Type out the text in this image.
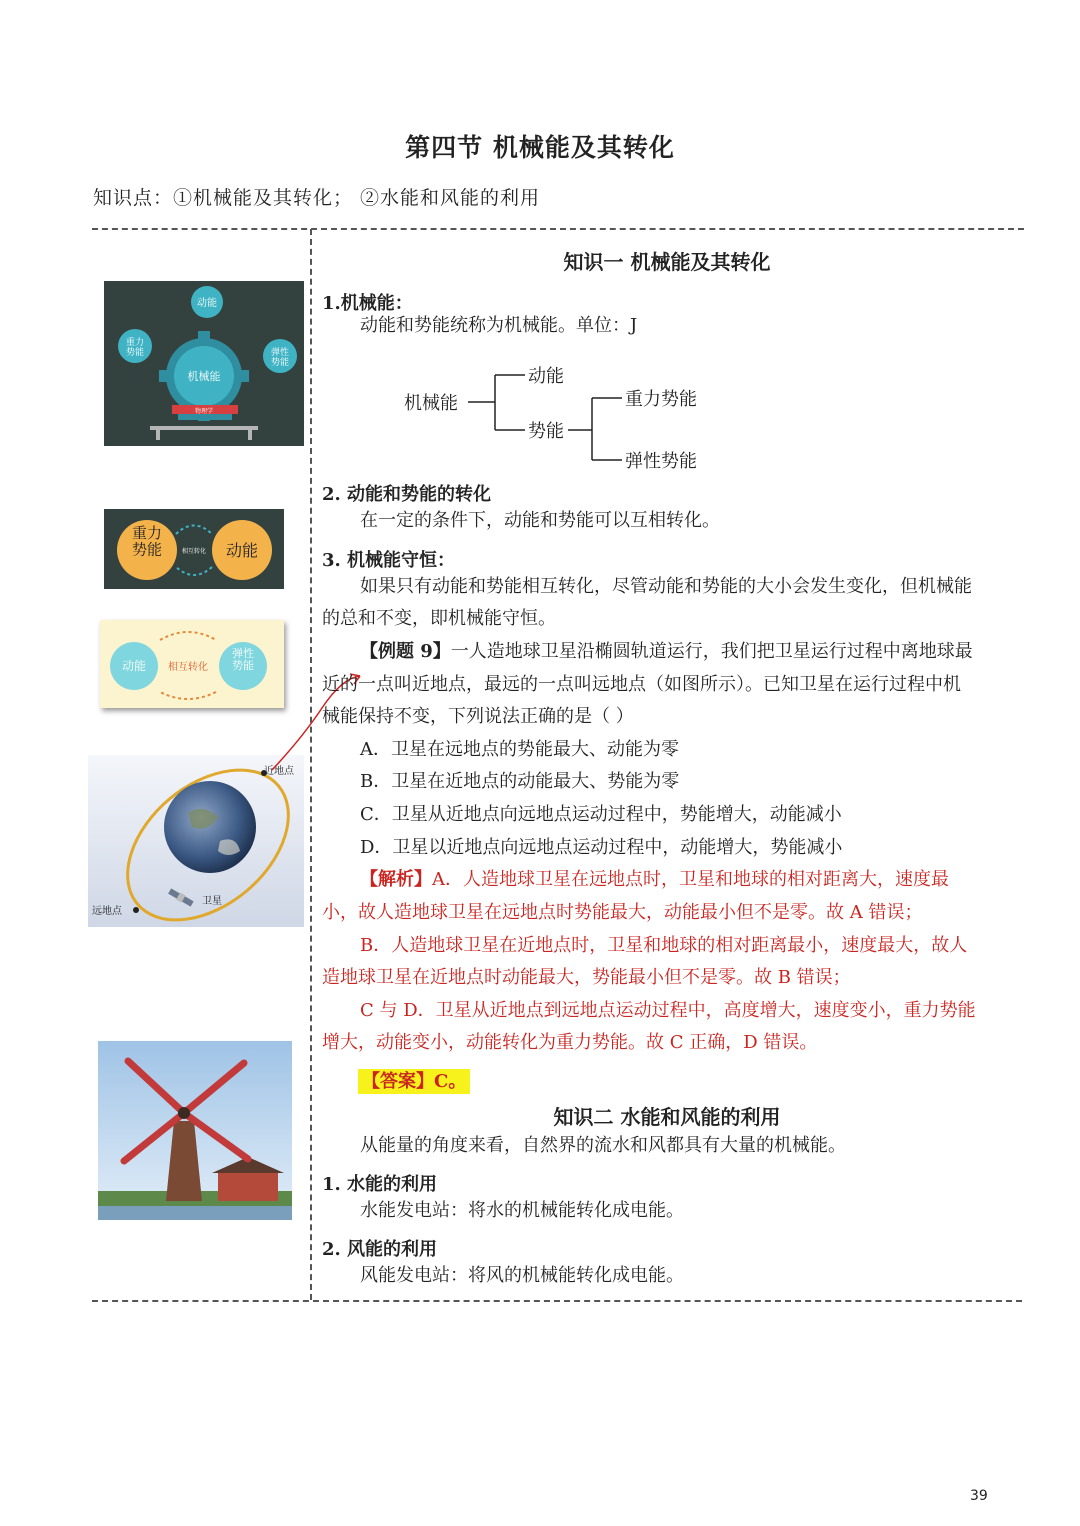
第四节 机械能及其转化
知识点：①机械能及其转化； ②水能和风能的利用
动能
重力势能	弹性势能
机械能
物理学
重力势能	动能
相互转化
动能 相互转化
弹性势能
近地点
远地点
卫星
知识一 机械能及其转化
1.机械能：
动能和势能统称为机械能。单位：J
机械能
动能
势能
重力势能
弹性势能
2. 动能和势能的转化
在一定的条件下，动能和势能可以互相转化。
3. 机械能守恒：
如果只有动能和势能相互转化，尽管动能和势能的大小会发生变化，但机械能
的总和不变，即机械能守恒。
【例题 9】一人造地球卫星沿椭圆轨道运行，我们把卫星运行过程中离地球最
近的一点叫近地点，最远的一点叫远地点（如图所示）。已知卫星在运行过程中机
械能保持不变，下列说法正确的是（ ）
A．卫星在远地点的势能最大、动能为零
B．卫星在近地点的动能最大、势能为零
C．卫星从近地点向远地点运动过程中，势能增大，动能减小
D．卫星以近地点向远地点运动过程中，动能增大，势能减小
【解析】A．人造地球卫星在远地点时，卫星和地球的相对距离大，速度最
小，故人造地球卫星在远地点时势能最大，动能最小但不是零。故 A 错误；
B．人造地球卫星在近地点时，卫星和地球的相对距离最小，速度最大，故人
造地球卫星在近地点时动能最大，势能最小但不是零。故 B 错误；
C 与 D．卫星从近地点到远地点运动过程中，高度增大，速度变小，重力势能
增大，动能变小，动能转化为重力势能。故 C 正确，D 错误。
【答案】C。
知识二 水能和风能的利用
从能量的角度来看，自然界的流水和风都具有大量的机械能。
1. 水能的利用
水能发电站：将水的机械能转化成电能。
2. 风能的利用
风能发电站：将风的机械能转化成电能。
39
